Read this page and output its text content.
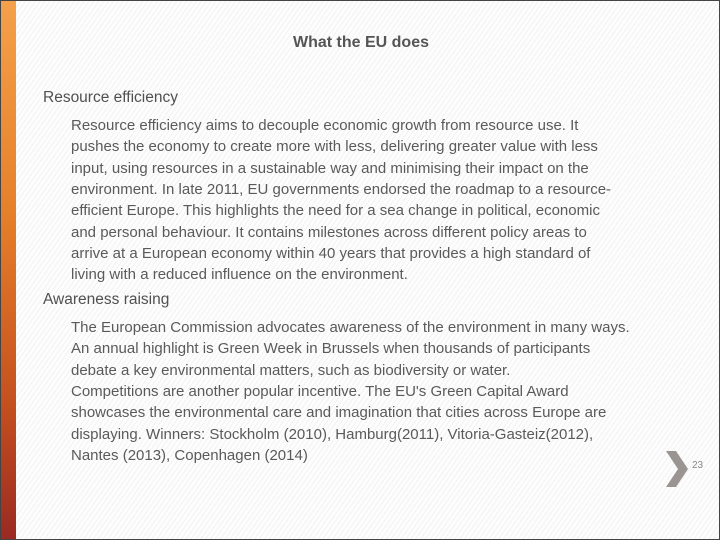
What the EU does
Resource efficiency
Resource efficiency aims to decouple economic growth from resource use. It
pushes the economy to create more with less, delivering greater value with less
input, using resources in a sustainable way and minimising their impact on the
environment. In late 2011, EU governments endorsed the roadmap to a resource-
efficient Europe. This highlights the need for a sea change in political, economic
and personal behaviour. It contains milestones across different policy areas to
arrive at a European economy within 40 years that provides a high standard of
living with a reduced influence on the environment.
Awareness raising
The European Commission advocates awareness of the environment in many ways.
An annual highlight is Green Week in Brussels when thousands of participants
debate a key environmental matters, such as biodiversity or water.
Competitions are another popular incentive. The EU's Green Capital Award
showcases the environmental care and imagination that cities across Europe are
displaying. Winners: Stockholm (2010), Hamburg(2011), Vitoria-Gasteiz(2012),
Nantes (2013), Copenhagen (2014)
23
